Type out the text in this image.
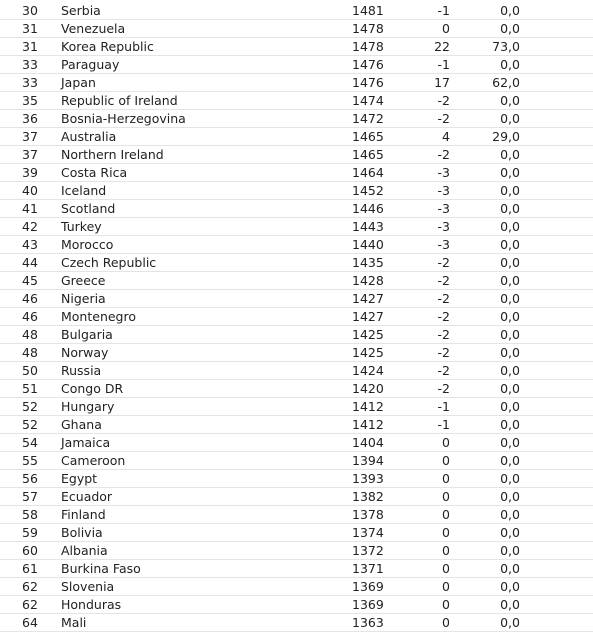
30 Serbia	1481	-1	0,0
31 Venezuela	1478	0	0,0
31 Korea Republic	1478	22	73,0
33 Paraguay	1476	-1	0,0
33 Japan	1476	17	62,0
35 Republic of Ireland	1474	-2	0,0
36 Bosnia-Herzegovina	1472	-2	0,0
37 Australia	1465	4	29,0
37 Northern Ireland	1465	-2	0,0
39 Costa Rica	1464	-3	0,0
40 Iceland	1452	-3	0,0
41 Scotland	1446	-3	0,0
42 Turkey	1443	-3	0,0
43 Morocco	1440	-3	0,0
44 Czech Republic	1435	-2	0,0
45 Greece	1428	-2	0,0
46 Nigeria	1427	-2	0,0
46 Montenegro	1427	-2	0,0
48 Bulgaria	1425	-2	0,0
48 Norway	1425	-2	0,0
50 Russia	1424	-2	0,0
51 Congo DR	1420	-2	0,0
52 Hungary	1412	-1	0,0
52 Ghana	1412	-1	0,0
54 Jamaica	1404	0	0,0
55 Cameroon	1394	0	0,0
56 Egypt	1393	0	0,0
57 Ecuador	1382	0	0,0
58 Finland	1378	0	0,0
59 Bolivia	1374	0	0,0
60 Albania	1372	0	0,0
61 Burkina Faso	1371	0	0,0
62 Slovenia	1369	0	0,0
62 Honduras	1369	0	0,0
64 Mali	1363	0	0,0
